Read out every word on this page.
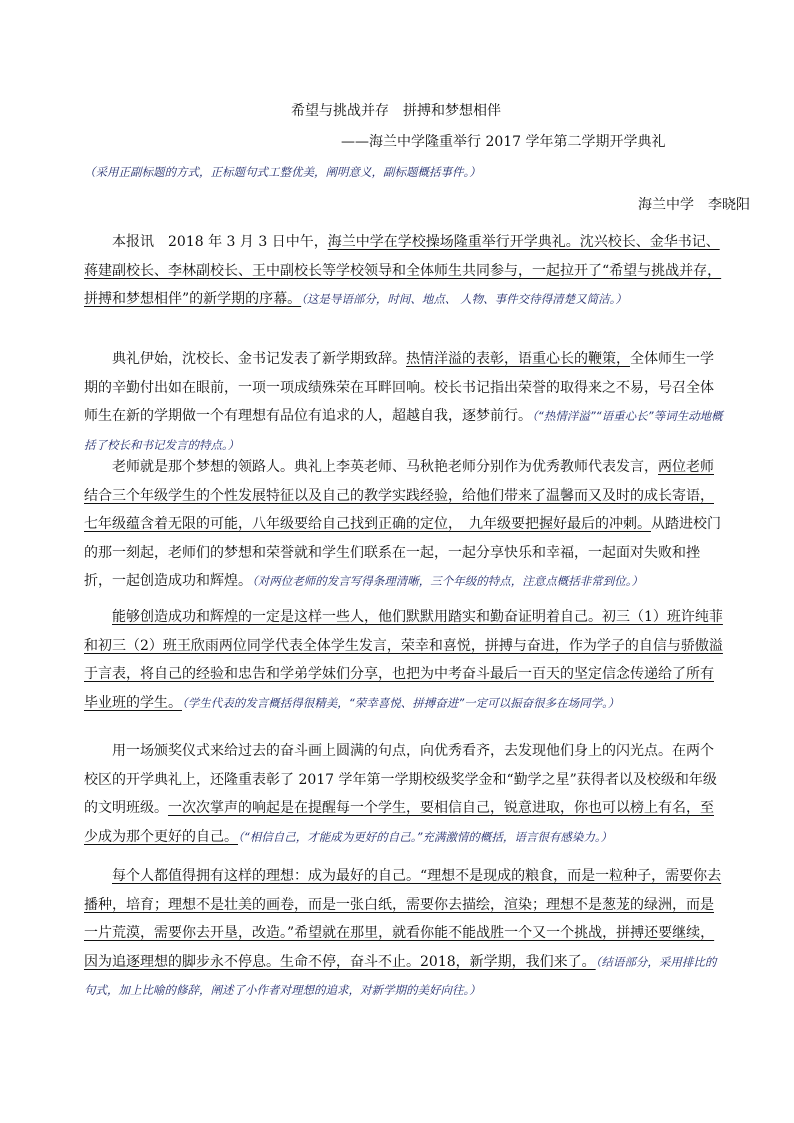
希望与挑战并存　拼搏和梦想相伴
——海兰中学隆重举行 2017 学年第二学期开学典礼
（采用正副标题的方式，正标题句式工整优美，阐明意义，副标题概括事件。）
海兰中学　李晓阳

本报讯　2018 年 3 月 3 日中午，海兰中学在学校操场隆重举行开学典礼。沈兴校长、金华书记、蒋建副校长、李林副校长、王中副校长等学校领导和全体师生共同参与，一起拉开了“希望与挑战并存，拼搏和梦想相伴”的新学期的序幕。（这是导语部分，时间、地点、 人物、事件交待得清楚又简洁。）

典礼伊始，沈校长、金书记发表了新学期致辞。热情洋溢的表彰，语重心长的鞭策，全体师生一学期的辛勤付出如在眼前，一项一项成绩殊荣在耳畔回响。校长书记指出荣誉的取得来之不易，号召全体师生在新的学期做一个有理想有品位有追求的人，超越自我，逐梦前行。（“热情洋溢”“语重心长”等词生动地概括了校长和书记发言的特点。）

老师就是那个梦想的领路人。典礼上李英老师、马秋艳老师分别作为优秀教师代表发言，两位老师结合三个年级学生的个性发展特征以及自己的教学实践经验，给他们带来了温馨而又及时的成长寄语，七年级蕴含着无限的可能，八年级要给自己找到正确的定位，　九年级要把握好最后的冲刺。从踏进校门的那一刻起，老师们的梦想和荣誉就和学生们联系在一起，一起分享快乐和幸福，一起面对失败和挫折，一起创造成功和辉煌。（对两位老师的发言写得条理清晰，三个年级的特点，注意点概括非常到位。）

能够创造成功和辉煌的一定是这样一些人，他们默默用踏实和勤奋证明着自己。初三（1）班许纯菲和初三（2）班王欣雨两位同学代表全体学生发言，荣幸和喜悦，拼搏与奋进，作为学子的自信与骄傲溢于言表，将自己的经验和忠告和学弟学妹们分享，也把为中考奋斗最后一百天的坚定信念传递给了所有毕业班的学生。（学生代表的发言概括得很精美，“荣幸喜悦、拼搏奋进”一定可以振奋很多在场同学。）

用一场颁奖仪式来给过去的奋斗画上圆满的句点，向优秀看齐，去发现他们身上的闪光点。在两个校区的开学典礼上，还隆重表彰了 2017 学年第一学期校级奖学金和“勤学之星”获得者以及校级和年级的文明班级。一次次掌声的响起是在提醒每一个学生，要相信自己，锐意进取，你也可以榜上有名，至少成为那个更好的自己。（“相信自己，才能成为更好的自己。”充满激情的概括，语言很有感染力。）

每个人都值得拥有这样的理想：成为最好的自己。“理想不是现成的粮食，而是一粒种子，需要你去播种，培育；理想不是壮美的画卷，而是一张白纸，需要你去描绘，渲染；理想不是葱茏的绿洲，而是一片荒漠，需要你去开垦，改造。”希望就在那里，就看你能不能战胜一个又一个挑战，拼搏还要继续，因为追逐理想的脚步永不停息。生命不停，奋斗不止。2018，新学期，我们来了。（结语部分，采用排比的句式，加上比喻的修辞，阐述了小作者对理想的追求，对新学期的美好向往。）
